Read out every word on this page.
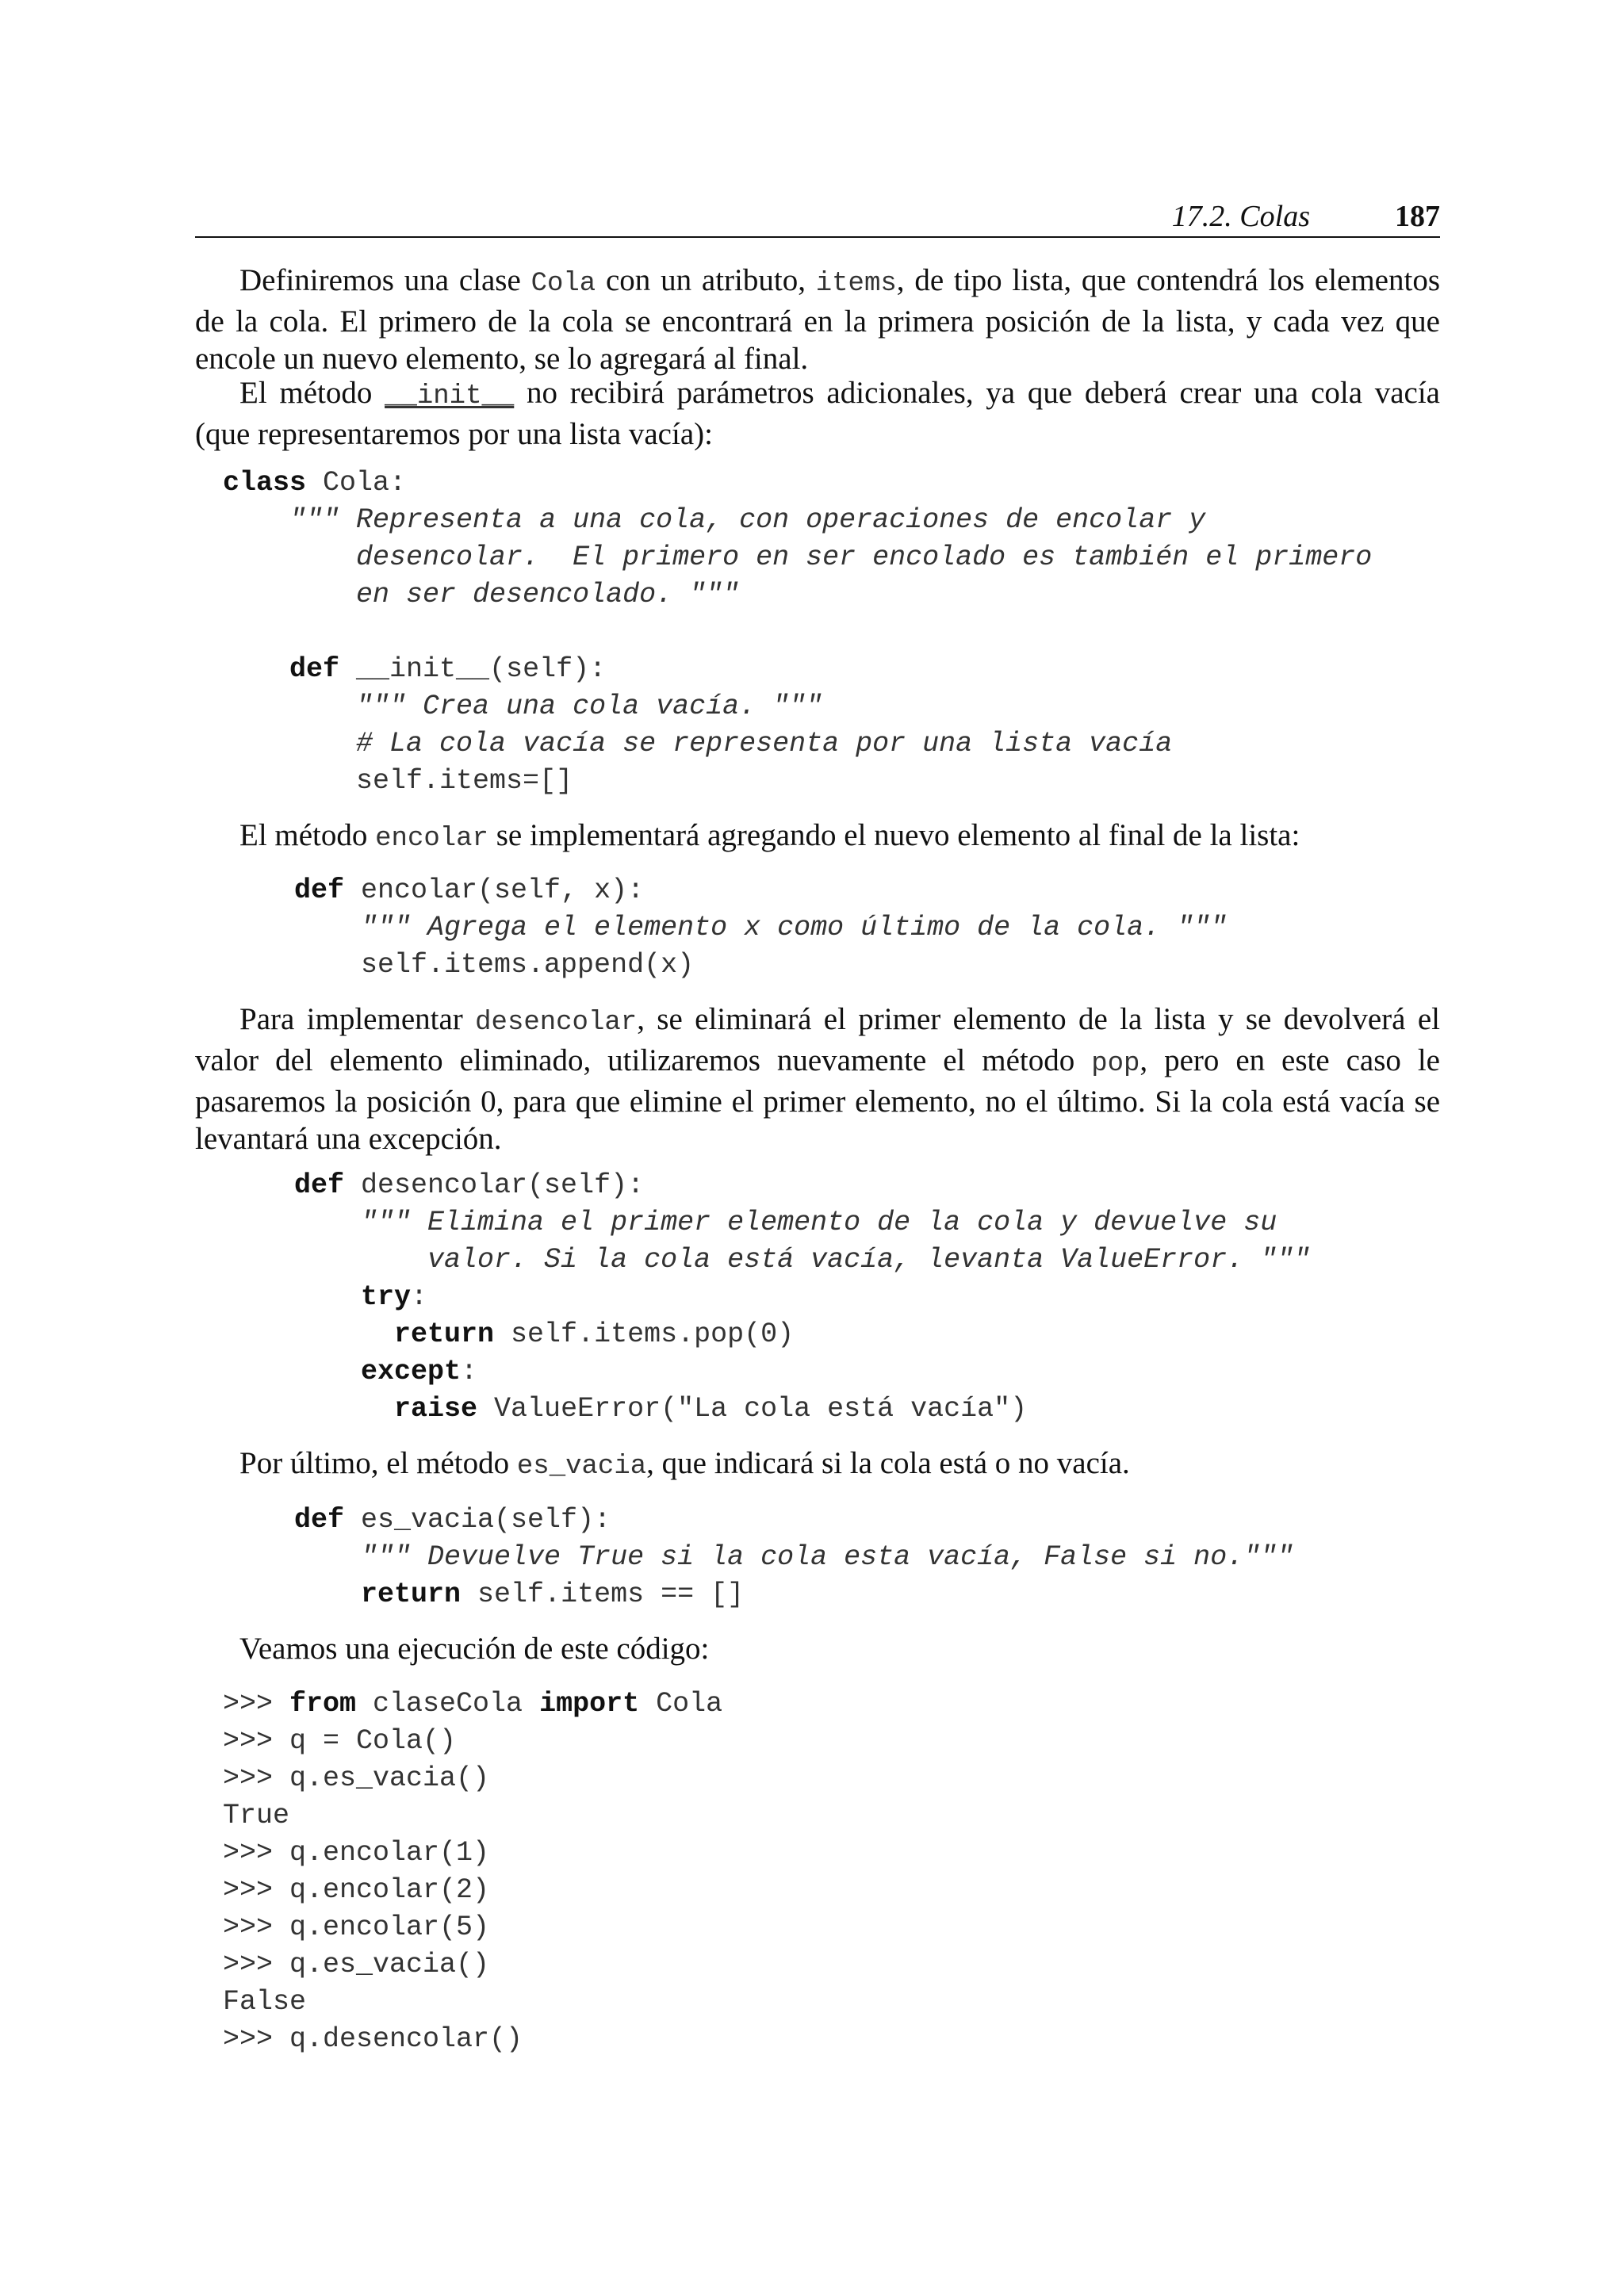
17.2. Colas	187
Definiremos una clase Cola con un atributo, items, de tipo lista, que contendrá los elementos de la cola. El primero de la cola se encontrará en la primera posición de la lista, y cada vez que encole un nuevo elemento, se lo agregará al final.
El método __init__ no recibirá parámetros adicionales, ya que deberá crear una cola vacía (que representaremos por una lista vacía):
class Cola:
""" Representa a una cola, con operaciones de encolar y
desencolar.  El primero en ser encolado es también el primero
en ser desencolado. """

def __init__(self):
""" Crea una cola vacía. """
# La cola vacía se representa por una lista vacía
self.items=[]
El método encolar se implementará agregando el nuevo elemento al final de la lista:
def encolar(self, x):
""" Agrega el elemento x como último de la cola. """
self.items.append(x)
Para implementar desencolar, se eliminará el primer elemento de la lista y se devolverá el valor del elemento eliminado, utilizaremos nuevamente el método pop, pero en este caso le pasaremos la posición 0, para que elimine el primer elemento, no el último. Si la cola está vacía se levantará una excepción.
def desencolar(self):
""" Elimina el primer elemento de la cola y devuelve su
valor. Si la cola está vacía, levanta ValueError. """
try:
return self.items.pop(0)
except:
raise ValueError("La cola está vacía")
Por último, el método es_vacia, que indicará si la cola está o no vacía.
def es_vacia(self):
""" Devuelve True si la cola esta vacía, False si no."""
return self.items == []
Veamos una ejecución de este código:
>>> from claseCola import Cola
>>> q = Cola()
>>> q.es_vacia()
True
>>> q.encolar(1)
>>> q.encolar(2)
>>> q.encolar(5)
>>> q.es_vacia()
False
>>> q.desencolar()
